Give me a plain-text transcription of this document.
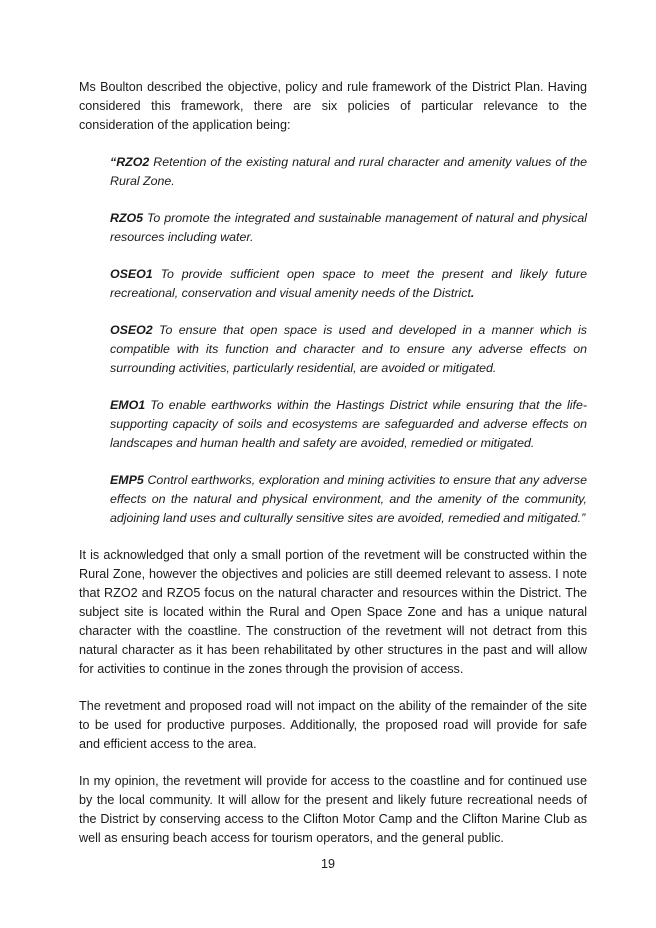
Ms Boulton described the objective, policy and rule framework of the District Plan. Having considered this framework, there are six policies of particular relevance to the consideration of the application being:

“RZO2 Retention of the existing natural and rural character and amenity values of the Rural Zone.

RZO5 To promote the integrated and sustainable management of natural and physical resources including water.

OSEO1 To provide sufficient open space to meet the present and likely future recreational, conservation and visual amenity needs of the District.

OSEO2 To ensure that open space is used and developed in a manner which is compatible with its function and character and to ensure any adverse effects on surrounding activities, particularly residential, are avoided or mitigated.

EMO1 To enable earthworks within the Hastings District while ensuring that the life-supporting capacity of soils and ecosystems are safeguarded and adverse effects on landscapes and human health and safety are avoided, remedied or mitigated.

EMP5 Control earthworks, exploration and mining activities to ensure that any adverse effects on the natural and physical environment, and the amenity of the community, adjoining land uses and culturally sensitive sites are avoided, remedied and mitigated.”

It is acknowledged that only a small portion of the revetment will be constructed within the Rural Zone, however the objectives and policies are still deemed relevant to assess. I note that RZO2 and RZO5 focus on the natural character and resources within the District. The subject site is located within the Rural and Open Space Zone and has a unique natural character with the coastline. The construction of the revetment will not detract from this natural character as it has been rehabilitated by other structures in the past and will allow for activities to continue in the zones through the provision of access.

The revetment and proposed road will not impact on the ability of the remainder of the site to be used for productive purposes. Additionally, the proposed road will provide for safe and efficient access to the area.

In my opinion, the revetment will provide for access to the coastline and for continued use by the local community. It will allow for the present and likely future recreational needs of the District by conserving access to the Clifton Motor Camp and the Clifton Marine Club as well as ensuring beach access for tourism operators, and the general public.

19
